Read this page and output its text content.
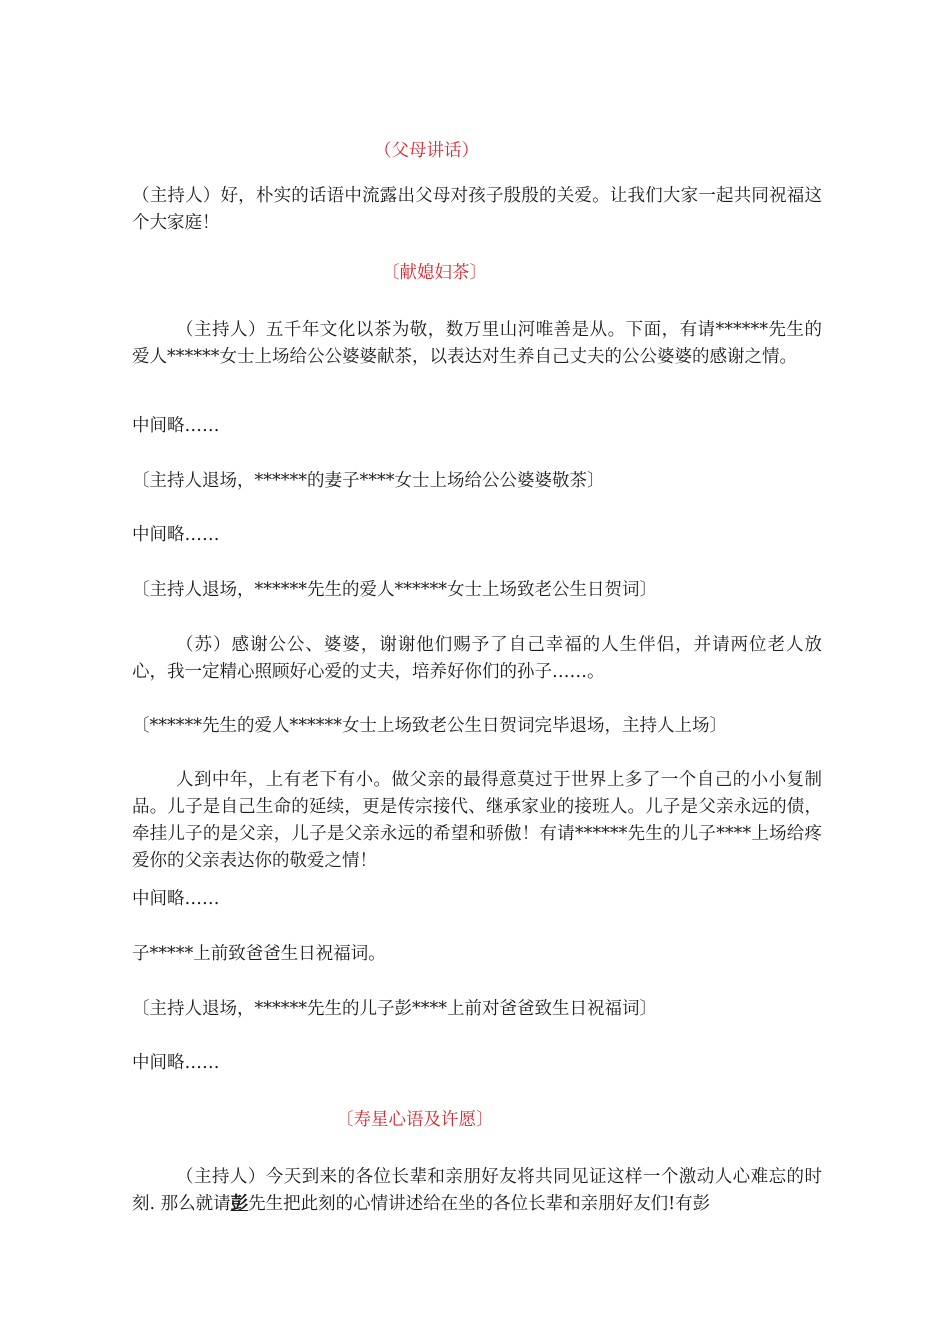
（父母讲话）
（主持人）好，朴实的话语中流露出父母对孩子殷殷的关爱。让我们大家一起共同祝福这个大家庭！
〔献媳妇茶〕
（主持人）五千年文化以茶为敬，数万里山河唯善是从。下面，有请******先生的爱人******女士上场给公公婆婆献茶，以表达对生养自己丈夫的公公婆婆的感谢之情。
中间略……
〔主持人退场，******的妻子****女士上场给公公婆婆敬茶〕
中间略……
〔主持人退场，******先生的爱人******女士上场致老公生日贺词〕
（苏）感谢公公、婆婆，谢谢他们赐予了自己幸福的人生伴侣，并请两位老人放心，我一定精心照顾好心爱的丈夫，培养好你们的孙子……。
〔******先生的爱人******女士上场致老公生日贺词完毕退场，主持人上场〕
人到中年，上有老下有小。做父亲的最得意莫过于世界上多了一个自己的小小复制品。儿子是自己生命的延续，更是传宗接代、继承家业的接班人。儿子是父亲永远的债，牵挂儿子的是父亲，儿子是父亲永远的希望和骄傲！有请******先生的儿子****上场给疼爱你的父亲表达你的敬爱之情！
中间略……
子*****上前致爸爸生日祝福词。
〔主持人退场，******先生的儿子彭****上前对爸爸致生日祝福词〕
中间略……
〔寿星心语及许愿〕
（主持人）今天到来的各位长辈和亲朋好友将共同见证这样一个激动人心难忘的时刻. 那么就请彭先生把此刻的心情讲述给在坐的各位长辈和亲朋好友们!有彭
